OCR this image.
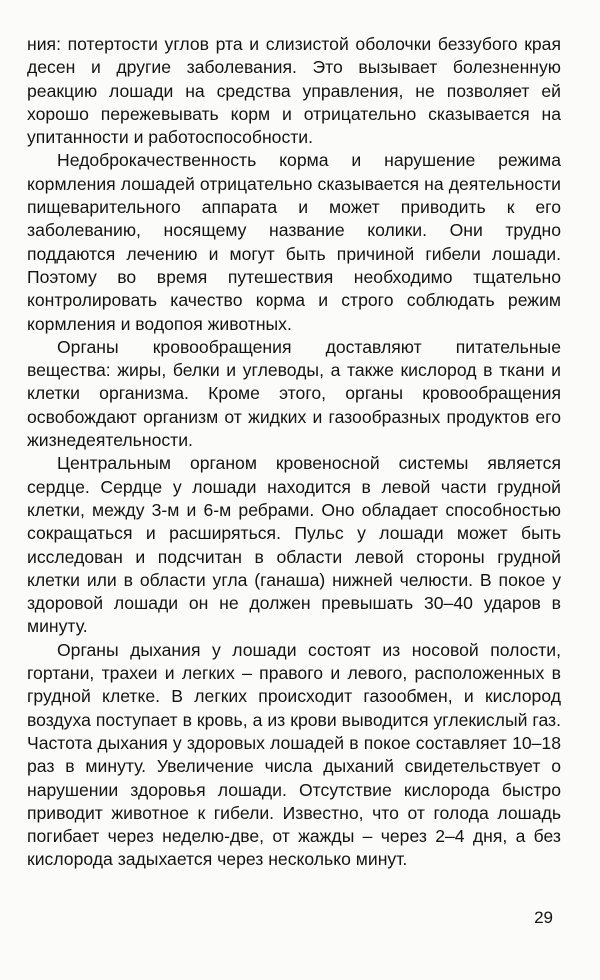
ния: потертости углов рта и слизистой оболочки беззубого края десен и другие заболевания. Это вызывает болезненную реакцию лошади на средства управления, не позволяет ей хорошо пережевывать корм и отрицательно сказывается на упитанности и работоспособности.

Недоброкачественность корма и нарушение режима кормления лошадей отрицательно сказывается на деятельности пищеварительного аппарата и может приводить к его заболеванию, носящему название колики. Они трудно поддаются лечению и могут быть причиной гибели лошади. Поэтому во время путешествия необходимо тщательно контролировать качество корма и строго соблюдать режим кормления и водопоя животных.

Органы кровообращения доставляют питательные вещества: жиры, белки и углеводы, а также кислород в ткани и клетки организма. Кроме этого, органы кровообращения освобождают организм от жидких и газообразных продуктов его жизнедеятельности.

Центральным органом кровеносной системы является сердце. Сердце у лошади находится в левой части грудной клетки, между 3-м и 6-м ребрами. Оно обладает способностью сокращаться и расширяться. Пульс у лошади может быть исследован и подсчитан в области левой стороны грудной клетки или в области угла (ганаша) нижней челюсти. В покое у здоровой лошади он не должен превышать 30–40 ударов в минуту.

Органы дыхания у лошади состоят из носовой полости, гортани, трахеи и легких – правого и левого, расположенных в грудной клетке. В легких происходит газообмен, и кислород воздуха поступает в кровь, а из крови выводится углекислый газ. Частота дыхания у здоровых лошадей в покое составляет 10–18 раз в минуту. Увеличение числа дыханий свидетельствует о нарушении здоровья лошади. Отсутствие кислорода быстро приводит животное к гибели. Известно, что от голода лошадь погибает через неделю-две, от жажды – через 2–4 дня, а без кислорода задыхается через несколько минут.

29
